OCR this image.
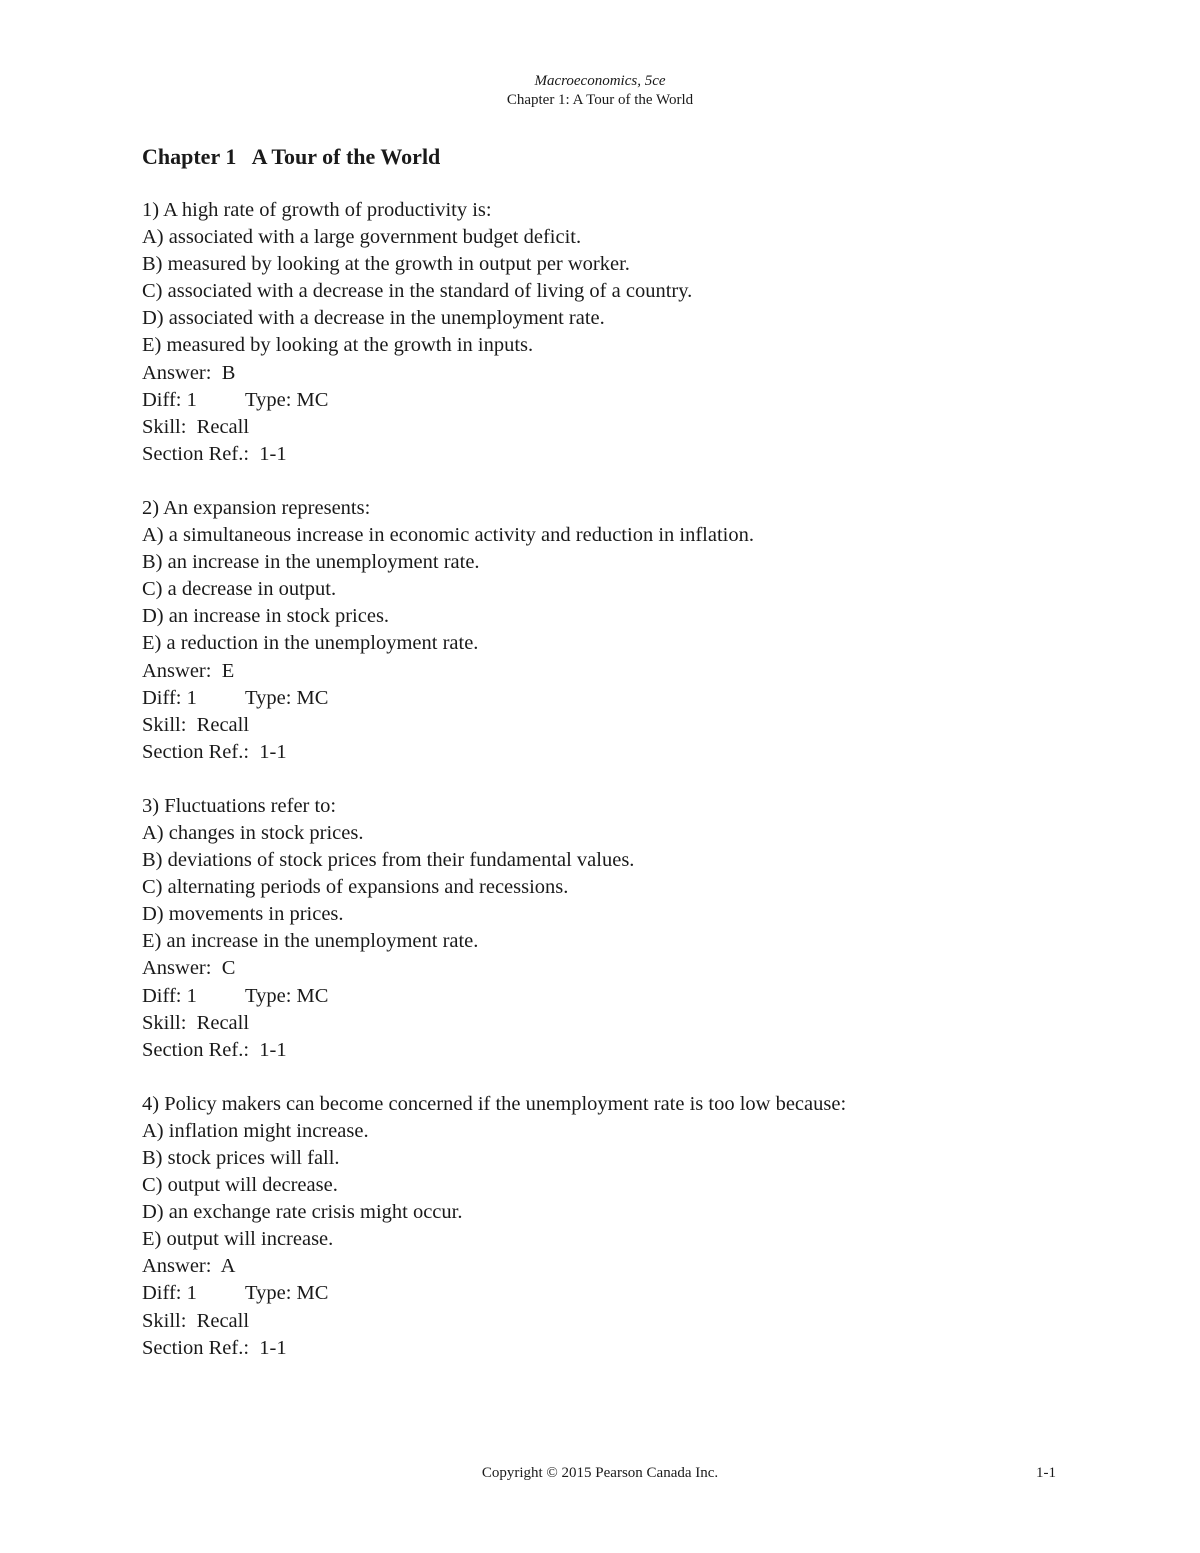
Macroeconomics, 5ce
Chapter 1: A Tour of the World
Chapter 1   A Tour of the World

1) A high rate of growth of productivity is:

A) associated with a large government budget deficit.

B) measured by looking at the growth in output per worker.

C) associated with a decrease in the standard of living of a country.

D) associated with a decrease in the unemployment rate.

E) measured by looking at the growth in inputs.

Answer:  B

Diff: 1	Type: MC

Skill:  Recall

Section Ref.:  1-1

2) An expansion represents:

A) a simultaneous increase in economic activity and reduction in inflation.

B) an increase in the unemployment rate.

C) a decrease in output.

D) an increase in stock prices.

E) a reduction in the unemployment rate.

Answer:  E

Diff: 1	Type: MC

Skill:  Recall

Section Ref.:  1-1

3) Fluctuations refer to:

A) changes in stock prices.

B) deviations of stock prices from their fundamental values.

C) alternating periods of expansions and recessions.

D) movements in prices.

E) an increase in the unemployment rate.

Answer:  C

Diff: 1	Type: MC

Skill:  Recall

Section Ref.:  1-1

4) Policy makers can become concerned if the unemployment rate is too low because:

A) inflation might increase.

B) stock prices will fall.

C) output will decrease.

D) an exchange rate crisis might occur.

E) output will increase.

Answer:  A

Diff: 1	Type: MC

Skill:  Recall

Section Ref.:  1-1

Copyright © 2015 Pearson Canada Inc.	1-1
